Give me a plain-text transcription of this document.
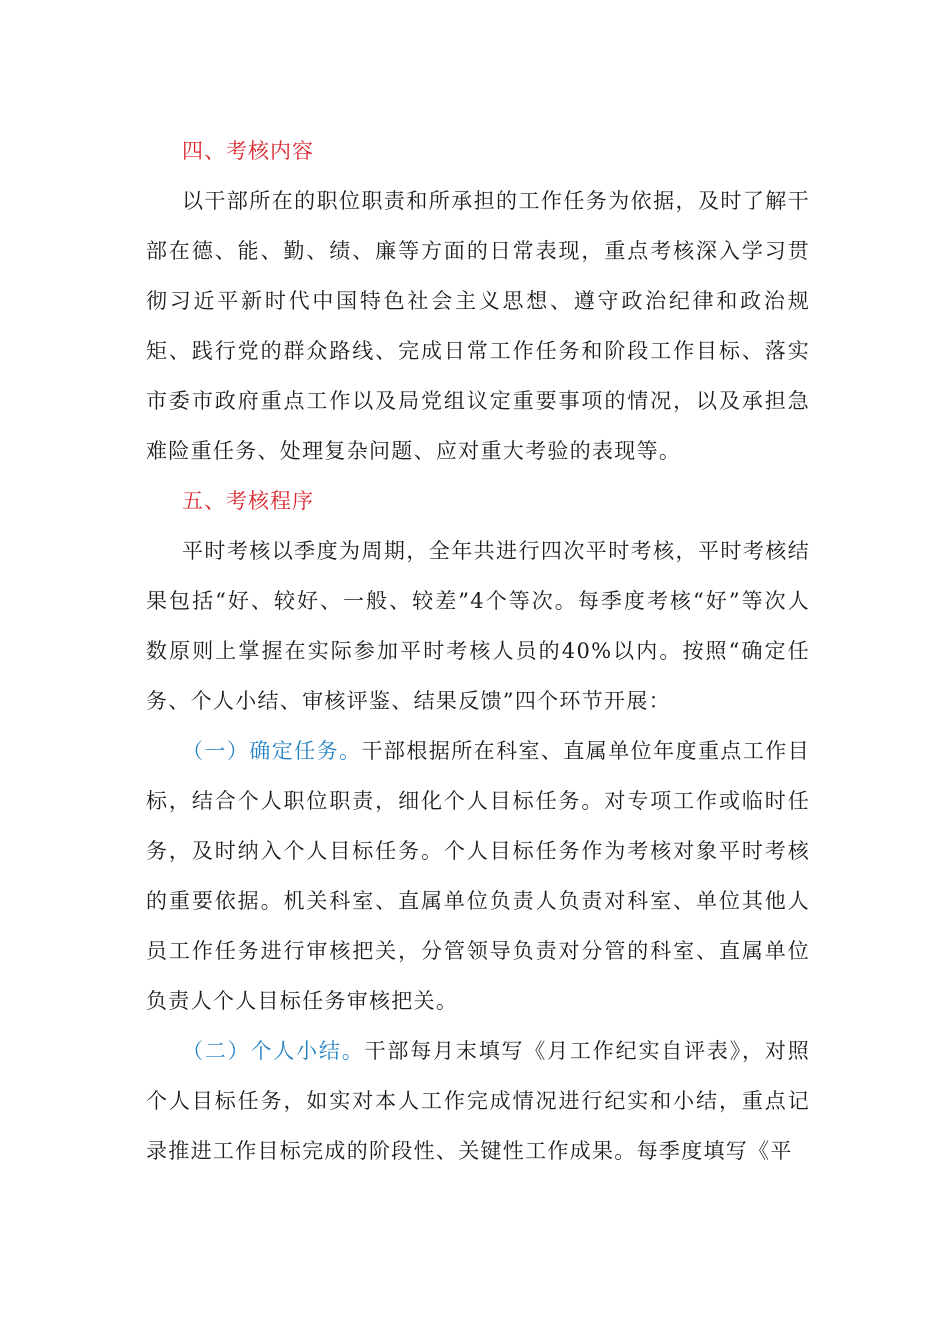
四、考核内容

以干部所在的职位职责和所承担的工作任务为依据，及时了解干部在德、能、勤、绩、廉等方面的日常表现，重点考核深入学习贯彻习近平新时代中国特色社会主义思想、遵守政治纪律和政治规矩、践行党的群众路线、完成日常工作任务和阶段工作目标、落实市委市政府重点工作以及局党组议定重要事项的情况，以及承担急难险重任务、处理复杂问题、应对重大考验的表现等。

五、考核程序

平时考核以季度为周期，全年共进行四次平时考核，平时考核结果包括“好、较好、一般、较差”4个等次。每季度考核“好”等次人数原则上掌握在实际参加平时考核人员的40%以内。按照“确定任务、个人小结、审核评鉴、结果反馈”四个环节开展：

（一）确定任务。干部根据所在科室、直属单位年度重点工作目标，结合个人职位职责，细化个人目标任务。对专项工作或临时任务，及时纳入个人目标任务。个人目标任务作为考核对象平时考核的重要依据。机关科室、直属单位负责人负责对科室、单位其他人员工作任务进行审核把关，分管领导负责对分管的科室、直属单位负责人个人目标任务审核把关。

（二）个人小结。干部每月末填写《月工作纪实自评表》，对照个人目标任务，如实对本人工作完成情况进行纪实和小结，重点记录推进工作目标完成的阶段性、关键性工作成果。每季度填写《平
